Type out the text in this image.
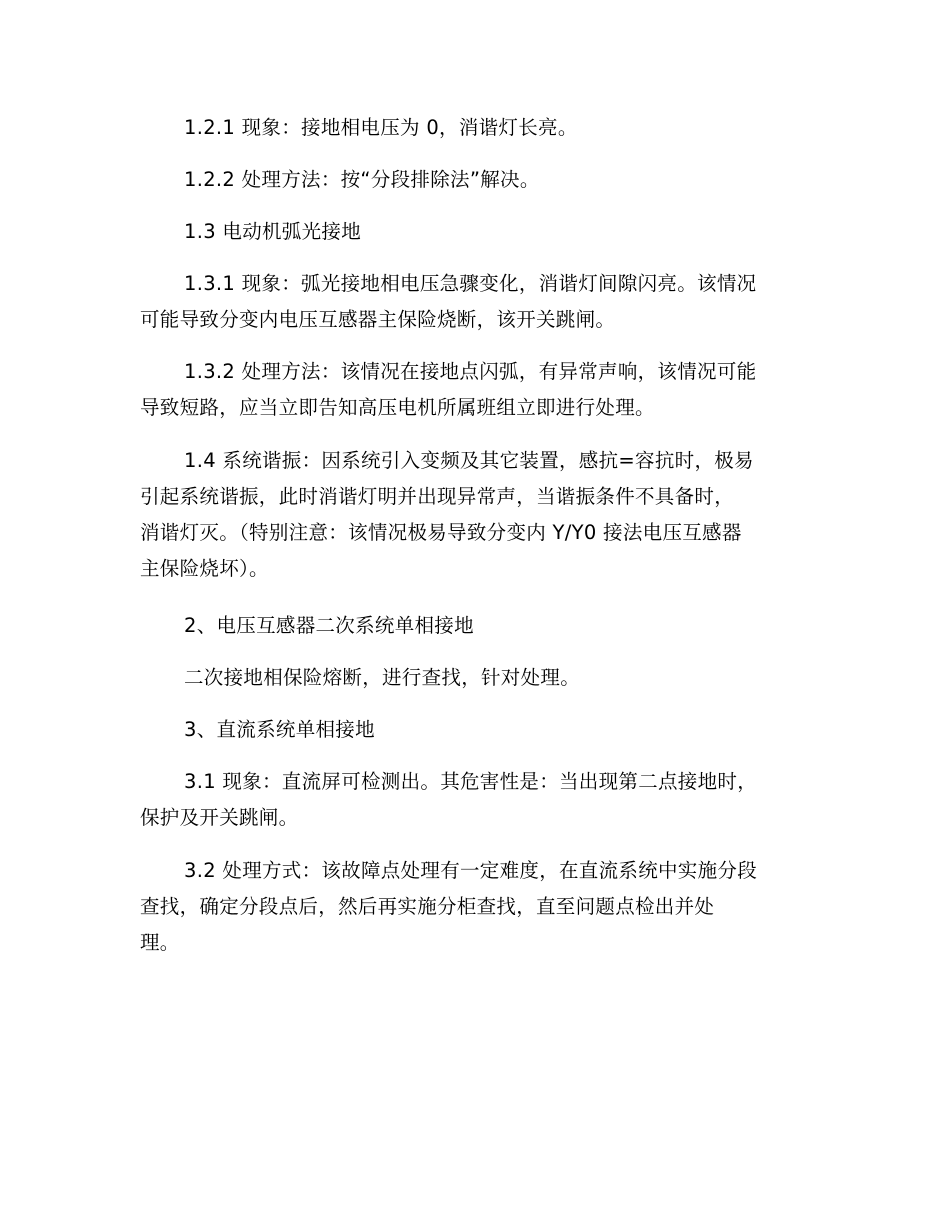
1.2.1 现象：接地相电压为 0，消谐灯长亮。
1.2.2 处理方法：按“分段排除法”解决。
1.3 电动机弧光接地
1.3.1 现象：弧光接地相电压急骤变化，消谐灯间隙闪亮。该情况
可能导致分变内电压互感器主保险烧断，该开关跳闸。
1.3.2 处理方法：该情况在接地点闪弧，有异常声响，该情况可能
导致短路，应当立即告知高压电机所属班组立即进行处理。
1.4 系统谐振：因系统引入变频及其它装置，感抗=容抗时，极易
引起系统谐振，此时消谐灯明并出现异常声，当谐振条件不具备时，
消谐灯灭。（特别注意：该情况极易导致分变内 Y/Y0 接法电压互感器
主保险烧坏）。
2、电压互感器二次系统单相接地
二次接地相保险熔断，进行查找，针对处理。
3、直流系统单相接地
3.1 现象：直流屏可检测出。其危害性是：当出现第二点接地时，
保护及开关跳闸。
3.2 处理方式：该故障点处理有一定难度，在直流系统中实施分段
查找，确定分段点后，然后再实施分柜查找，直至问题点检出并处
理。
